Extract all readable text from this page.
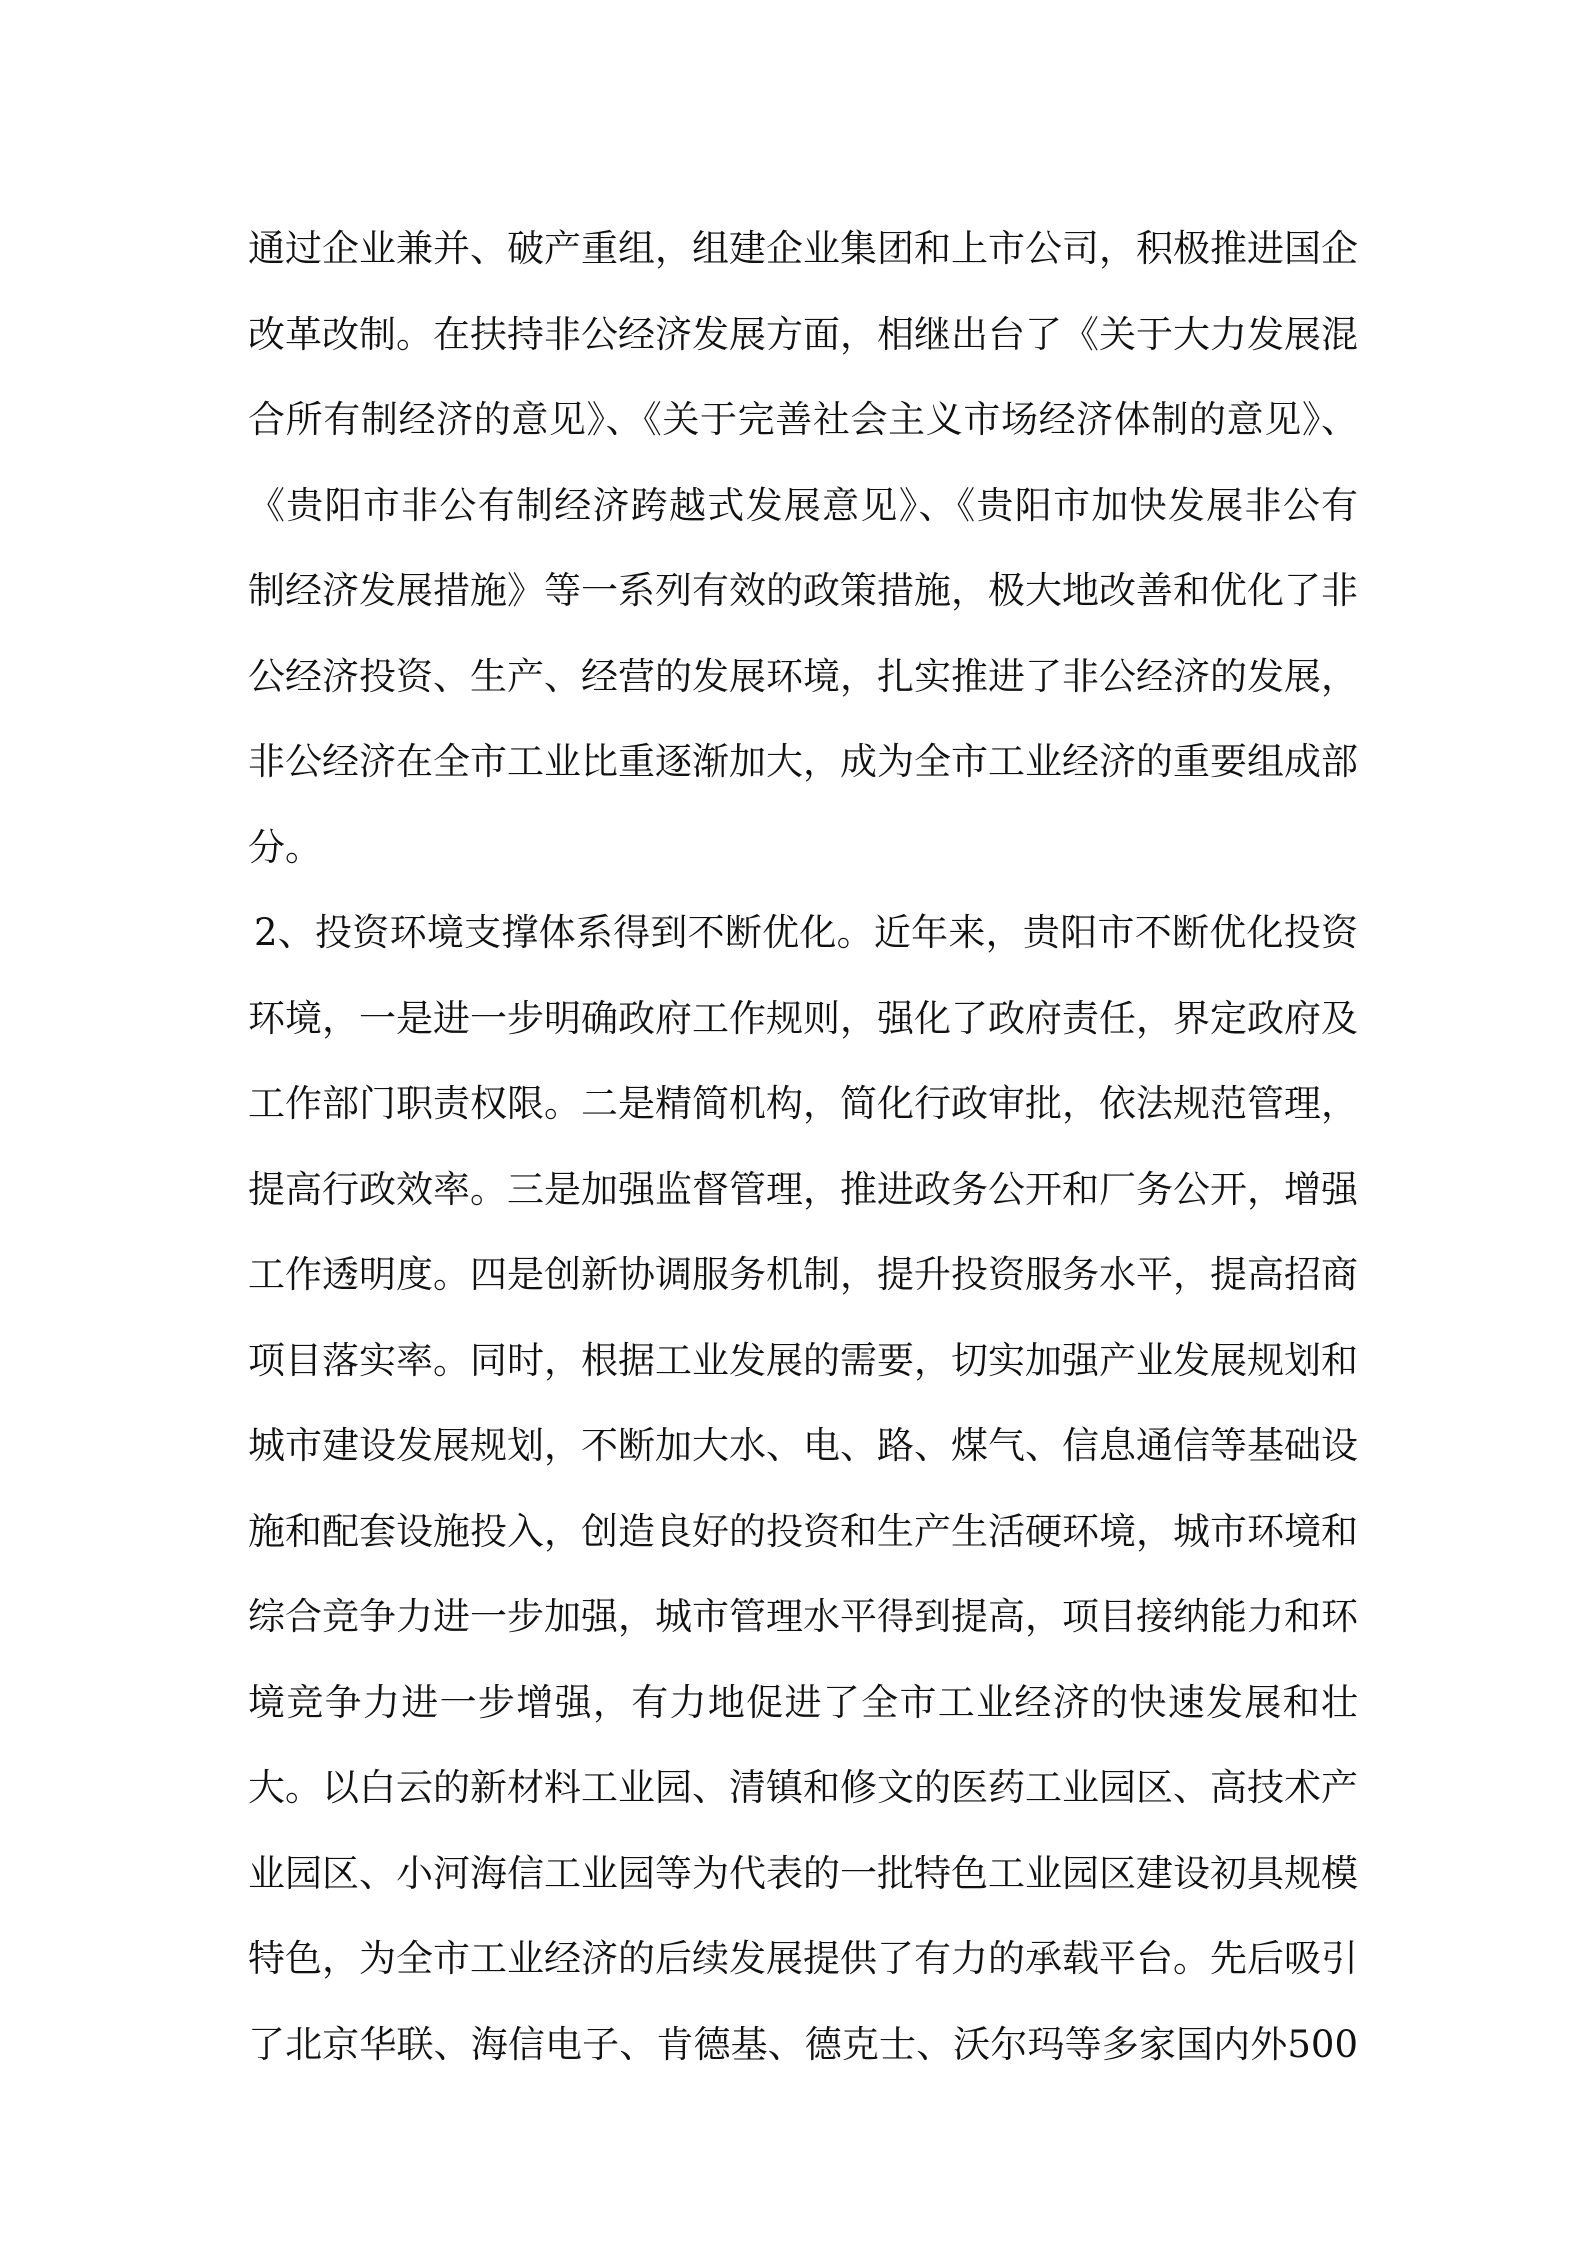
通过企业兼并、破产重组，组建企业集团和上市公司，积极推进国企
改革改制。在扶持非公经济发展方面，相继出台了《关于大力发展混
合所有制经济的意见》、《关于完善社会主义市场经济体制的意见》、
《贵阳市非公有制经济跨越式发展意见》、《贵阳市加快发展非公有
制经济发展措施》等一系列有效的政策措施，极大地改善和优化了非
公经济投资、生产、经营的发展环境，扎实推进了非公经济的发展，
非公经济在全市工业比重逐渐加大，成为全市工业经济的重要组成部
分。
2、投资环境支撑体系得到不断优化。近年来，贵阳市不断优化投资
环境，一是进一步明确政府工作规则，强化了政府责任，界定政府及
工作部门职责权限。二是精简机构，简化行政审批，依法规范管理，
提高行政效率。三是加强监督管理，推进政务公开和厂务公开，增强
工作透明度。四是创新协调服务机制，提升投资服务水平，提高招商
项目落实率。同时，根据工业发展的需要，切实加强产业发展规划和
城市建设发展规划，不断加大水、电、路、煤气、信息通信等基础设
施和配套设施投入，创造良好的投资和生产生活硬环境，城市环境和
综合竞争力进一步加强，城市管理水平得到提高，项目接纳能力和环
境竞争力进一步增强，有力地促进了全市工业经济的快速发展和壮
大。以白云的新材料工业园、清镇和修文的医药工业园区、高技术产
业园区、小河海信工业园等为代表的一批特色工业园区建设初具规模
特色，为全市工业经济的后续发展提供了有力的承载平台。先后吸引
了北京华联、海信电子、肯德基、德克士、沃尔玛等多家国内外500
